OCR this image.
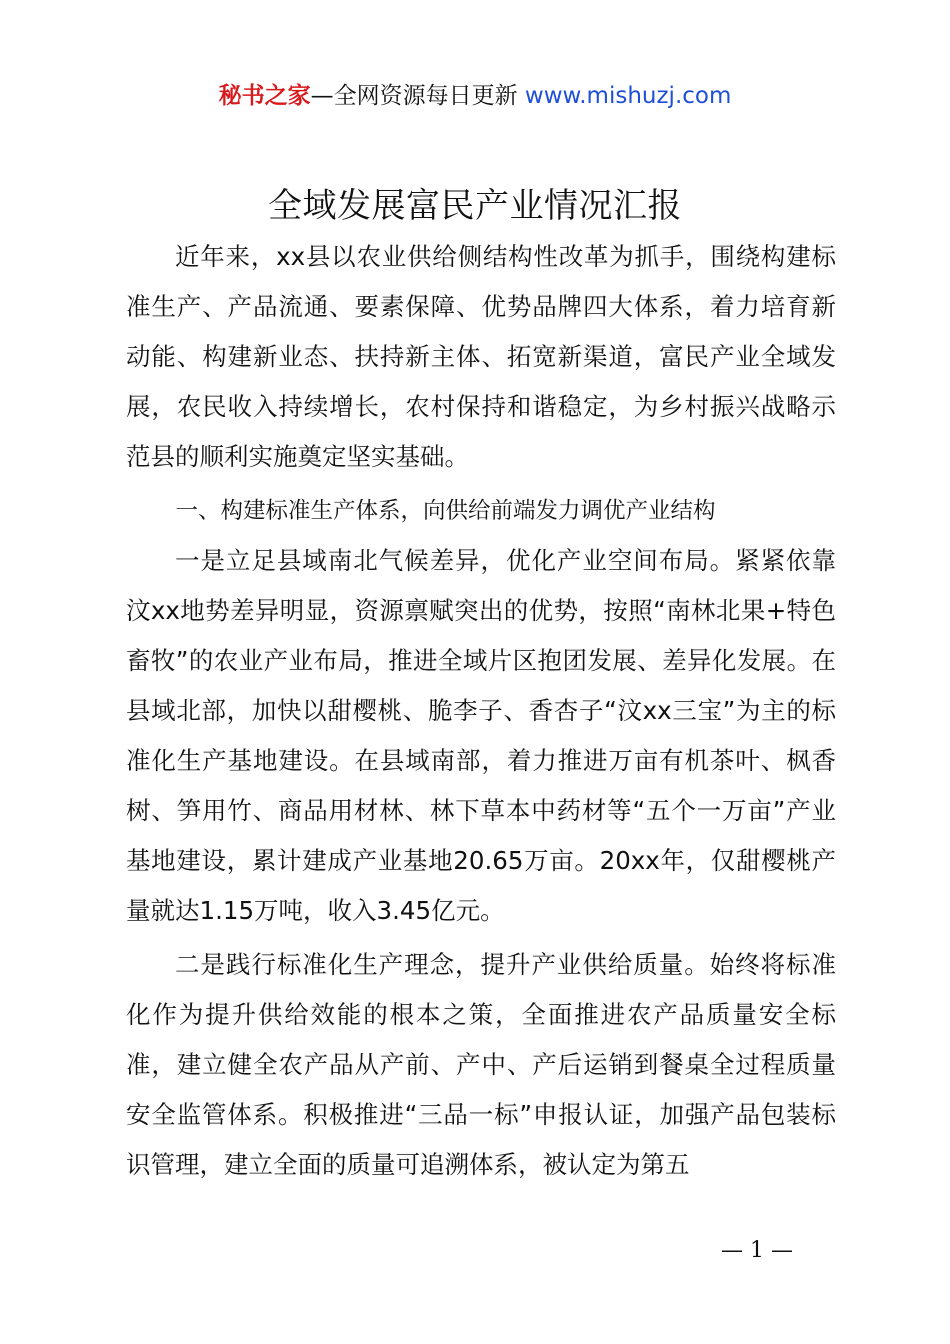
秘书之家—全网资源每日更新 www.mishuzj.com
全域发展富民产业情况汇报

近年来，xx县以农业供给侧结构性改革为抓手，围绕构建标准生产、产品流通、要素保障、优势品牌四大体系，着力培育新动能、构建新业态、扶持新主体、拓宽新渠道，富民产业全域发展，农民收入持续增长，农村保持和谐稳定，为乡村振兴战略示范县的顺利实施奠定坚实基础。

一、构建标准生产体系，向供给前端发力调优产业结构

一是立足县域南北气候差异，优化产业空间布局。紧紧依靠汶xx地势差异明显，资源禀赋突出的优势，按照“南林北果+特色畜牧”的农业产业布局，推进全域片区抱团发展、差异化发展。在县域北部，加快以甜樱桃、脆李子、香杏子“汶xx三宝”为主的标准化生产基地建设。在县域南部，着力推进万亩有机茶叶、枫香树、笋用竹、商品用材林、林下草本中药材等“五个一万亩”产业基地建设，累计建成产业基地20.65万亩。20xx年，仅甜樱桃产量就达1.15万吨，收入3.45亿元。

二是践行标准化生产理念，提升产业供给质量。始终将标准化作为提升供给效能的根本之策，全面推进农产品质量安全标准，建立健全农产品从产前、产中、产后运销到餐桌全过程质量安全监管体系。积极推进“三品一标”申报认证，加强产品包装标识管理，建立全面的质量可追溯体系，被认定为第五

— 1 —
